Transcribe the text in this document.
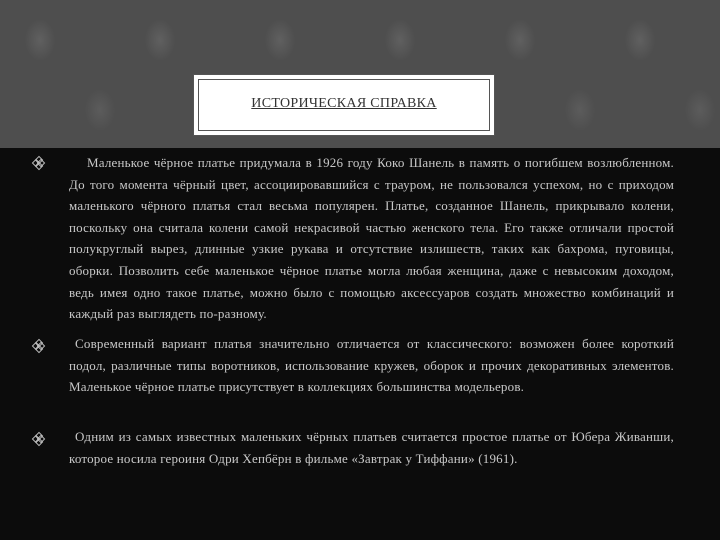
ИСТОРИЧЕСКАЯ СПРАВКА
Маленькое чёрное платье придумала в 1926 году Коко Шанель в память о погибшем возлюбленном. До того момента чёрный цвет, ассоциировавшийся с трауром, не пользовался успехом, но с приходом маленького чёрного платья стал весьма популярен. Платье, созданное Шанель, прикрывало колени, поскольку она считала колени самой некрасивой частью женского тела. Его также отличали простой полукруглый вырез, длинные узкие рукава и отсутствие излишеств, таких как бахрома, пуговицы, оборки. Позволить себе маленькое чёрное платье могла любая женщина, даже с невысоким доходом, ведь имея одно такое платье, можно было с помощью аксессуаров создать множество комбинаций и каждый раз выглядеть по-разному.
Современный вариант платья значительно отличается от классического: возможен более короткий подол, различные типы воротников, использование кружев, оборок и прочих декоративных элементов. Маленькое чёрное платье присутствует в коллекциях большинства модельеров.
Одним из самых известных маленьких чёрных платьев считается простое платье от Юбера Живанши, которое носила героиня Одри Хепбёрн в фильме «Завтрак у Тиффани» (1961).
